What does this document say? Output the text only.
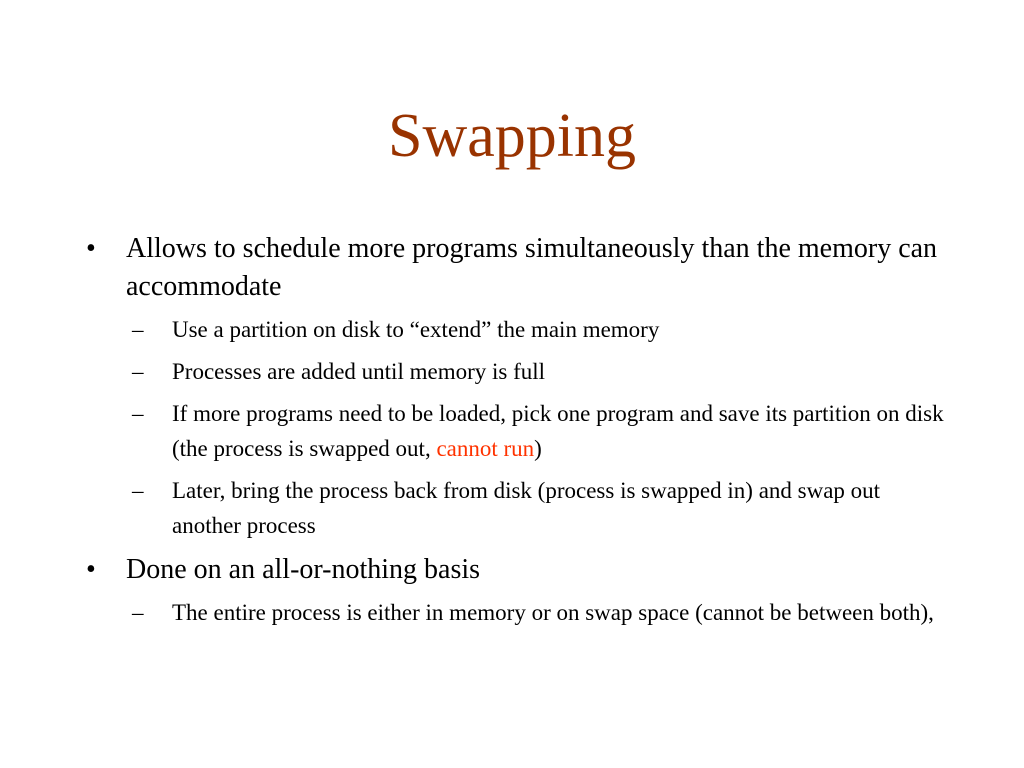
Swapping
• Allows to schedule more programs simultaneously than the memory can accommodate
– Use a partition on disk to “extend” the main memory
– Processes are added until memory is full
– If more programs need to be loaded, pick one program and save its partition on disk (the process is swapped out, cannot run)
– Later, bring the process back from disk (process is swapped in) and swap out another process
• Done on an all-or-nothing basis
– The entire process is either in memory or on swap space (cannot be between both),
